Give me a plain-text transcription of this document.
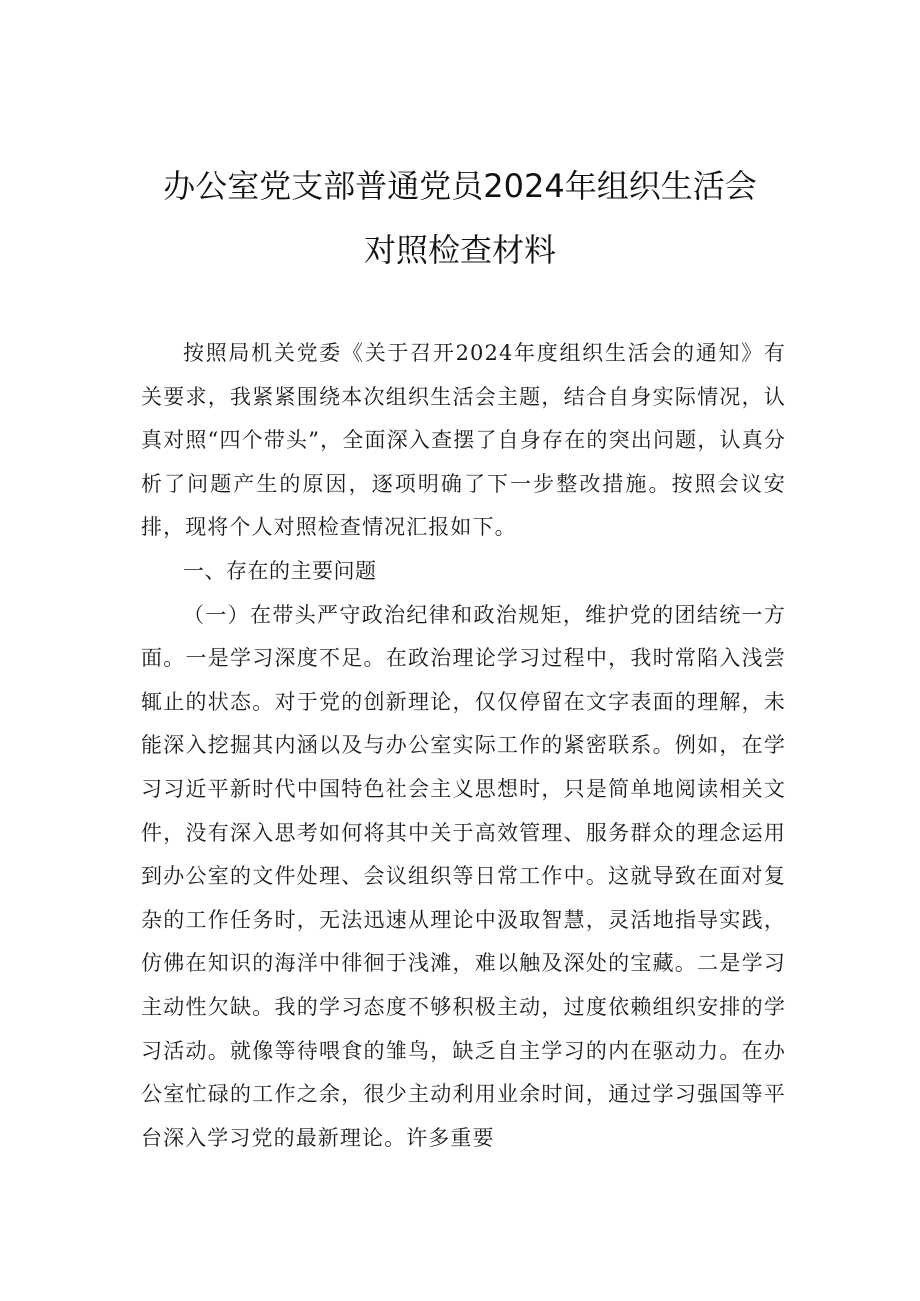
办公室党支部普通党员2024年组织生活会
对照检查材料

按照局机关党委《关于召开2024年度组织生活会的通知》有关要求，我紧紧围绕本次组织生活会主题，结合自身实际情况，认真对照“四个带头”，全面深入查摆了自身存在的突出问题，认真分析了问题产生的原因，逐项明确了下一步整改措施。按照会议安排，现将个人对照检查情况汇报如下。

一、存在的主要问题

（一）在带头严守政治纪律和政治规矩，维护党的团结统一方面。一是学习深度不足。在政治理论学习过程中，我时常陷入浅尝辄止的状态。对于党的创新理论，仅仅停留在文字表面的理解，未能深入挖掘其内涵以及与办公室实际工作的紧密联系。例如，在学习习近平新时代中国特色社会主义思想时，只是简单地阅读相关文件，没有深入思考如何将其中关于高效管理、服务群众的理念运用到办公室的文件处理、会议组织等日常工作中。这就导致在面对复杂的工作任务时，无法迅速从理论中汲取智慧，灵活地指导实践，仿佛在知识的海洋中徘徊于浅滩，难以触及深处的宝藏。二是学习主动性欠缺。我的学习态度不够积极主动，过度依赖组织安排的学习活动。就像等待喂食的雏鸟，缺乏自主学习的内在驱动力。在办公室忙碌的工作之余，很少主动利用业余时间，通过学习强国等平台深入学习党的最新理论。许多重要
